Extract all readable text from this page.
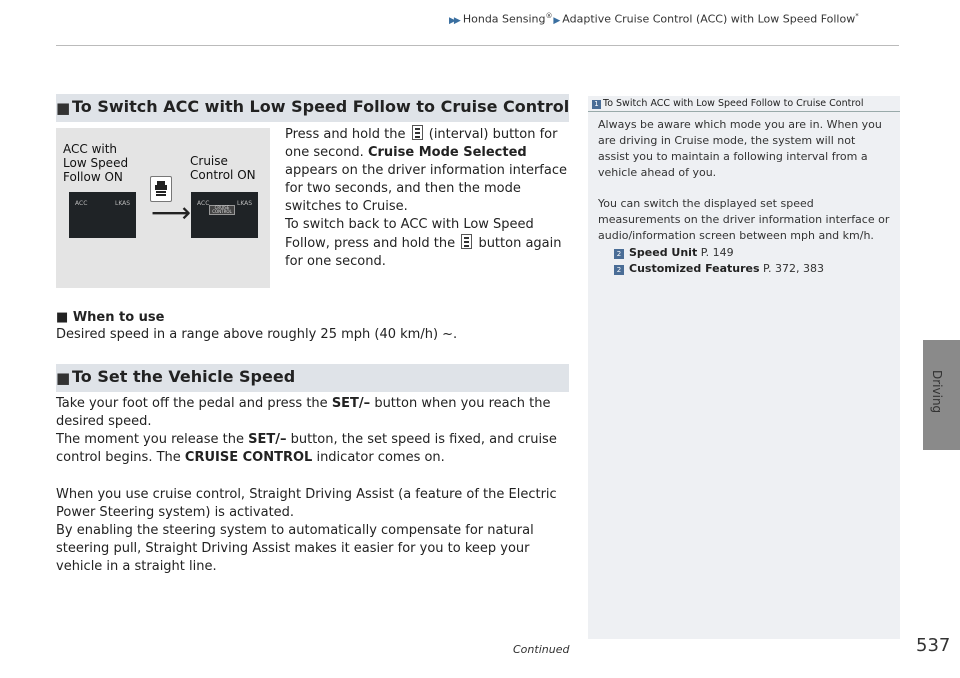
▶▶ Honda Sensing® ▶ Adaptive Cruise Control (ACC) with Low Speed Follow*
Driving
■ To Switch ACC with Low Speed Follow to Cruise Control
ACC with Low Speed Follow ON
Cruise Control ON
ACC	LKAS ⟶ ACC	LKAS
CRUISE CONTROL
Press and hold the (interval) button for one second. Cruise Mode Selected appears on the driver information interface for two seconds, and then the mode switches to Cruise.
To switch back to ACC with Low Speed Follow, press and hold the button again for one second.
■ When to use
Desired speed in a range above roughly 25 mph (40 km/h) ~.
■ To Set the Vehicle Speed
Take your foot off the pedal and press the SET/– button when you reach the desired speed.
The moment you release the SET/– button, the set speed is fixed, and cruise control begins. The CRUISE CONTROL indicator comes on.
When you use cruise control, Straight Driving Assist (a feature of the Electric Power Steering system) is activated.
By enabling the steering system to automatically compensate for natural steering pull, Straight Driving Assist makes it easier for you to keep your vehicle in a straight line.
1 To Switch ACC with Low Speed Follow to Cruise Control
Always be aware which mode you are in. When you are driving in Cruise mode, the system will not assist you to maintain a following interval from a vehicle ahead of you.
You can switch the displayed set speed measurements on the driver information interface or audio/information screen between mph and km/h.
2 Speed Unit P. 149
2 Customized Features P. 372, 383
Continued	537
